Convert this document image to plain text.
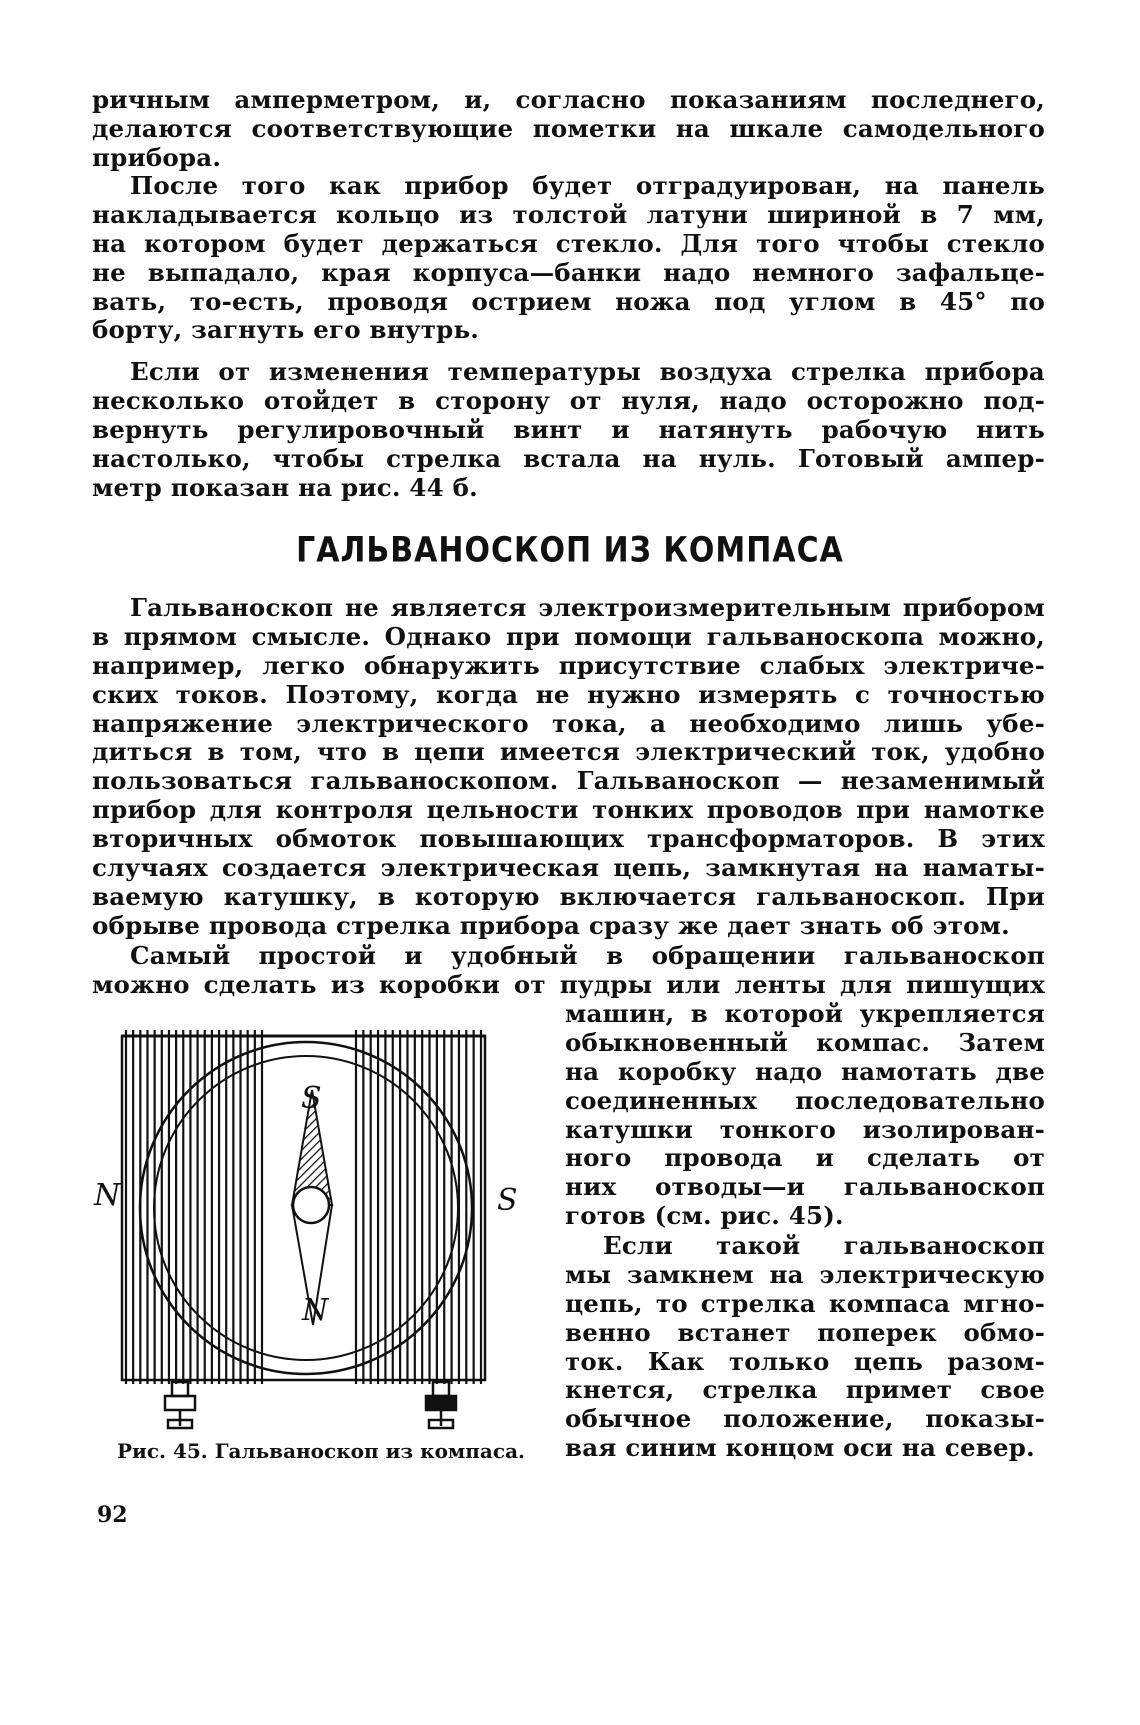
ричным амперметром, и, согласно показаниям последнего,
делаются соответствующие пометки на шкале самодельного
прибора.
После того как прибор будет отградуирован, на панель
накладывается кольцо из толстой латуни шириной в 7 мм,
на котором будет держаться стекло. Для того чтобы стекло
не выпадало, края корпуса—банки надо немного зафальце-
вать, то-есть, проводя острием ножа под углом в 45° по
борту, загнуть его внутрь.
Если от изменения температуры воздуха стрелка прибора
несколько отойдет в сторону от нуля, надо осторожно под-
вернуть регулировочный винт и натянуть рабочую нить
настолько, чтобы стрелка встала на нуль. Готовый ампер-
метр показан на рис. 44 б.
ГАЛЬВАНОСКОП ИЗ КОМПАСА
Гальваноскоп не является электроизмерительным прибором
в прямом смысле. Однако при помощи гальваноскопа можно,
например, легко обнаружить присутствие слабых электриче-
ских токов. Поэтому, когда не нужно измерять с точностью
напряжение электрического тока, а необходимо лишь убе-
диться в том, что в цепи имеется электрический ток, удобно
пользоваться гальваноскопом. Гальваноскоп — незаменимый
прибор для контроля цельности тонких проводов при намотке
вторичных обмоток повышающих трансформаторов. В этих
случаях создается электрическая цепь, замкнутая на наматы-
ваемую катушку, в которую включается гальваноскоп. При
обрыве провода стрелка прибора сразу же дает знать об этом.
Самый простой и удобный в обращении гальваноскоп
можно сделать из коробки от пудры или ленты для пишущих
машин, в которой укрепляется
обыкновенный компас. Затем
на коробку надо намотать две
соединенных последовательно
катушки тонкого изолирован-
ного провода и сделать от
них отводы—и гальваноскоп
готов (см. рис. 45).
Если такой гальваноскоп
мы замкнем на электрическую
цепь, то стрелка компаса мгно-
венно встанет поперек обмо-
ток. Как только цепь разом-
кнется, стрелка примет свое
обычное положение, показы-
вая синим концом оси на север.
N	S
S
N
Рис. 45. Гальваноскоп из компаса.
92
